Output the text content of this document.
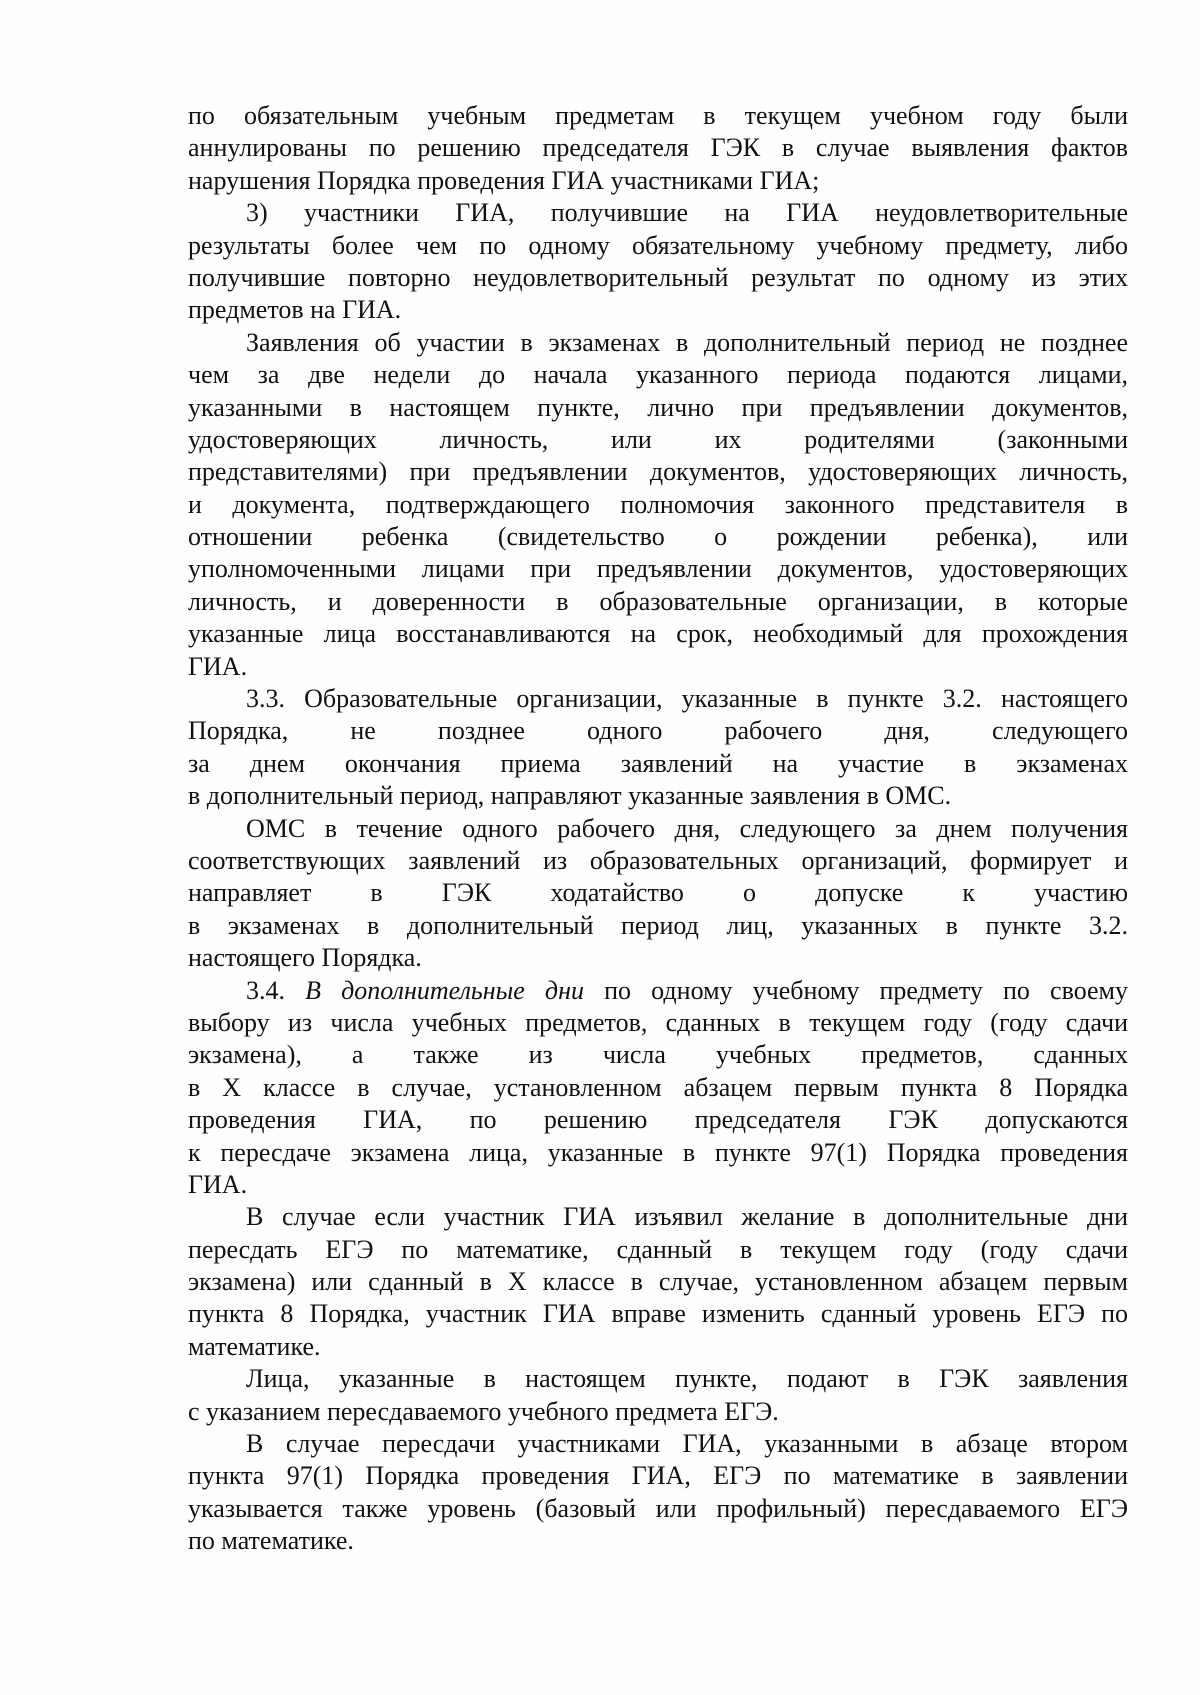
по обязательным учебным предметам в текущем учебном году были
аннулированы по решению председателя ГЭК в случае выявления фактов
нарушения Порядка проведения ГИА участниками ГИА;
3) участники ГИА, получившие на ГИА неудовлетворительные
результаты более чем по одному обязательному учебному предмету, либо
получившие повторно неудовлетворительный результат по одному из этих
предметов на ГИА.
Заявления об участии в экзаменах в дополнительный период не позднее
чем за две недели до начала указанного периода подаются лицами,
указанными в настоящем пункте, лично при предъявлении документов,
удостоверяющих личность, или их родителями (законными
представителями) при предъявлении документов, удостоверяющих личность,
и документа, подтверждающего полномочия законного представителя в
отношении ребенка (свидетельство о рождении ребенка), или
уполномоченными лицами при предъявлении документов, удостоверяющих
личность, и доверенности в образовательные организации, в которые
указанные лица восстанавливаются на срок, необходимый для прохождения
ГИА.
3.3. Образовательные организации, указанные в пункте 3.2. настоящего
Порядка, не позднее одного рабочего дня, следующего
за днем окончания приема заявлений на участие в экзаменах
в дополнительный период, направляют указанные заявления в ОМС.
ОМС в течение одного рабочего дня, следующего за днем получения
соответствующих заявлений из образовательных организаций, формирует и
направляет в ГЭК ходатайство о допуске к участию
в экзаменах в дополнительный период лиц, указанных в пункте 3.2.
настоящего Порядка.
3.4. В дополнительные дни по одному учебному предмету по своему
выбору из числа учебных предметов, сданных в текущем году (году сдачи
экзамена), а также из числа учебных предметов, сданных
в X классе в случае, установленном абзацем первым пункта 8 Порядка
проведения ГИА, по решению председателя ГЭК допускаются
к пересдаче экзамена лица, указанные в пункте 97(1) Порядка проведения
ГИА.
В случае если участник ГИА изъявил желание в дополнительные дни
пересдать ЕГЭ по математике, сданный в текущем году (году сдачи
экзамена) или сданный в X классе в случае, установленном абзацем первым
пункта 8 Порядка, участник ГИА вправе изменить сданный уровень ЕГЭ по
математике.
Лица, указанные в настоящем пункте, подают в ГЭК заявления
с указанием пересдаваемого учебного предмета ЕГЭ.
В случае пересдачи участниками ГИА, указанными в абзаце втором
пункта 97(1) Порядка проведения ГИА, ЕГЭ по математике в заявлении
указывается также уровень (базовый или профильный) пересдаваемого ЕГЭ
по математике.
